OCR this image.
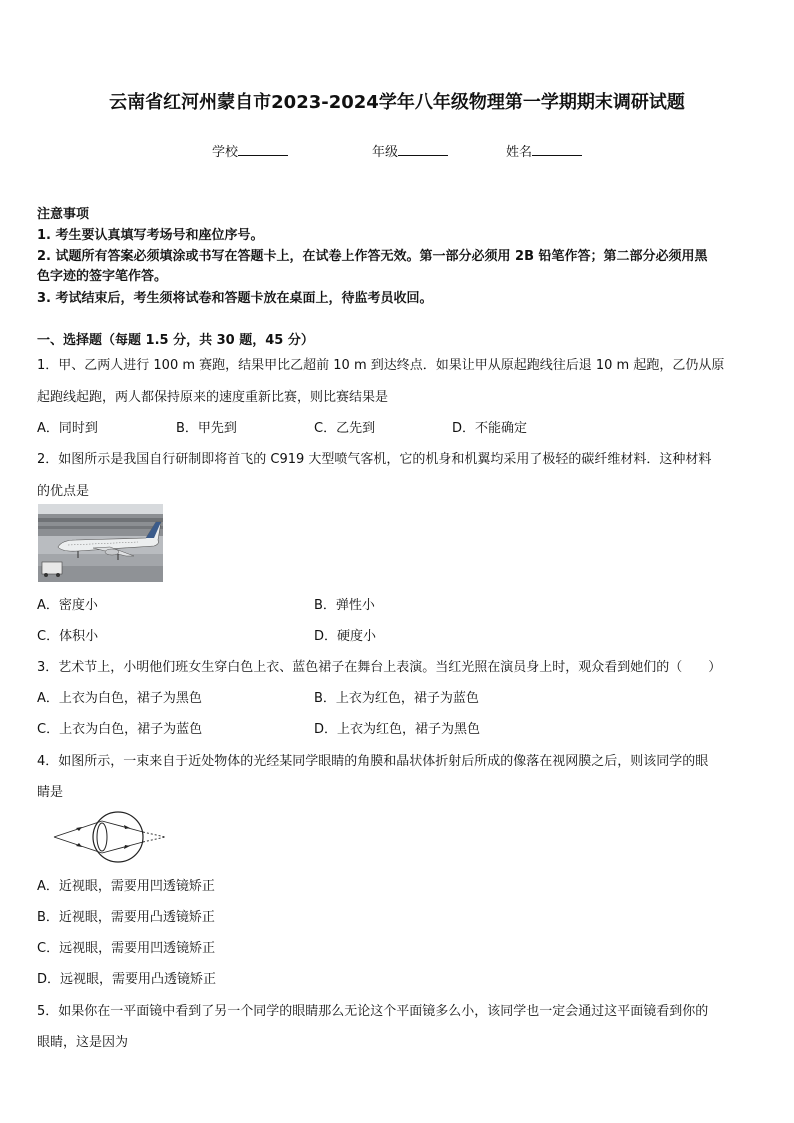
云南省红河州蒙自市2023-2024学年八年级物理第一学期期末调研试题
学校	年级	姓名
注意事项
1. 考生要认真填写考场号和座位序号。
2. 试题所有答案必须填涂或书写在答题卡上，在试卷上作答无效。第一部分必须用 2B 铅笔作答；第二部分必须用黑
色字迹的签字笔作答。
3. 考试结束后，考生须将试卷和答题卡放在桌面上，待监考员收回。
一、选择题（每题 1.5 分，共 30 题，45 分）
1．甲、乙两人进行 100 m 赛跑，结果甲比乙超前 10 m 到达终点．如果让甲从原起跑线往后退 10 m 起跑，乙仍从原
起跑线起跑，两人都保持原来的速度重新比赛，则比赛结果是
A．同时到	B．甲先到	C．乙先到	D．不能确定
2．如图所示是我国自行研制即将首飞的 C919 大型喷气客机，它的机身和机翼均采用了极轻的碳纤维材料．这种材料
的优点是
A．密度小	B．弹性小
C．体积小	D．硬度小
3．艺术节上，小明他们班女生穿白色上衣、蓝色裙子在舞台上表演。当红光照在演员身上时，观众看到她们的（　　）
A．上衣为白色，裙子为黑色	B．上衣为红色，裙子为蓝色
C．上衣为白色，裙子为蓝色	D．上衣为红色，裙子为黑色
4．如图所示，一束来自于近处物体的光经某同学眼睛的角膜和晶状体折射后所成的像落在视网膜之后，则该同学的眼
睛是
A．近视眼，需要用凹透镜矫正
B．近视眼，需要用凸透镜矫正
C．远视眼，需要用凹透镜矫正
D．远视眼，需要用凸透镜矫正
5．如果你在一平面镜中看到了另一个同学的眼睛那么无论这个平面镜多么小，该同学也一定会通过这平面镜看到你的
眼睛，这是因为
